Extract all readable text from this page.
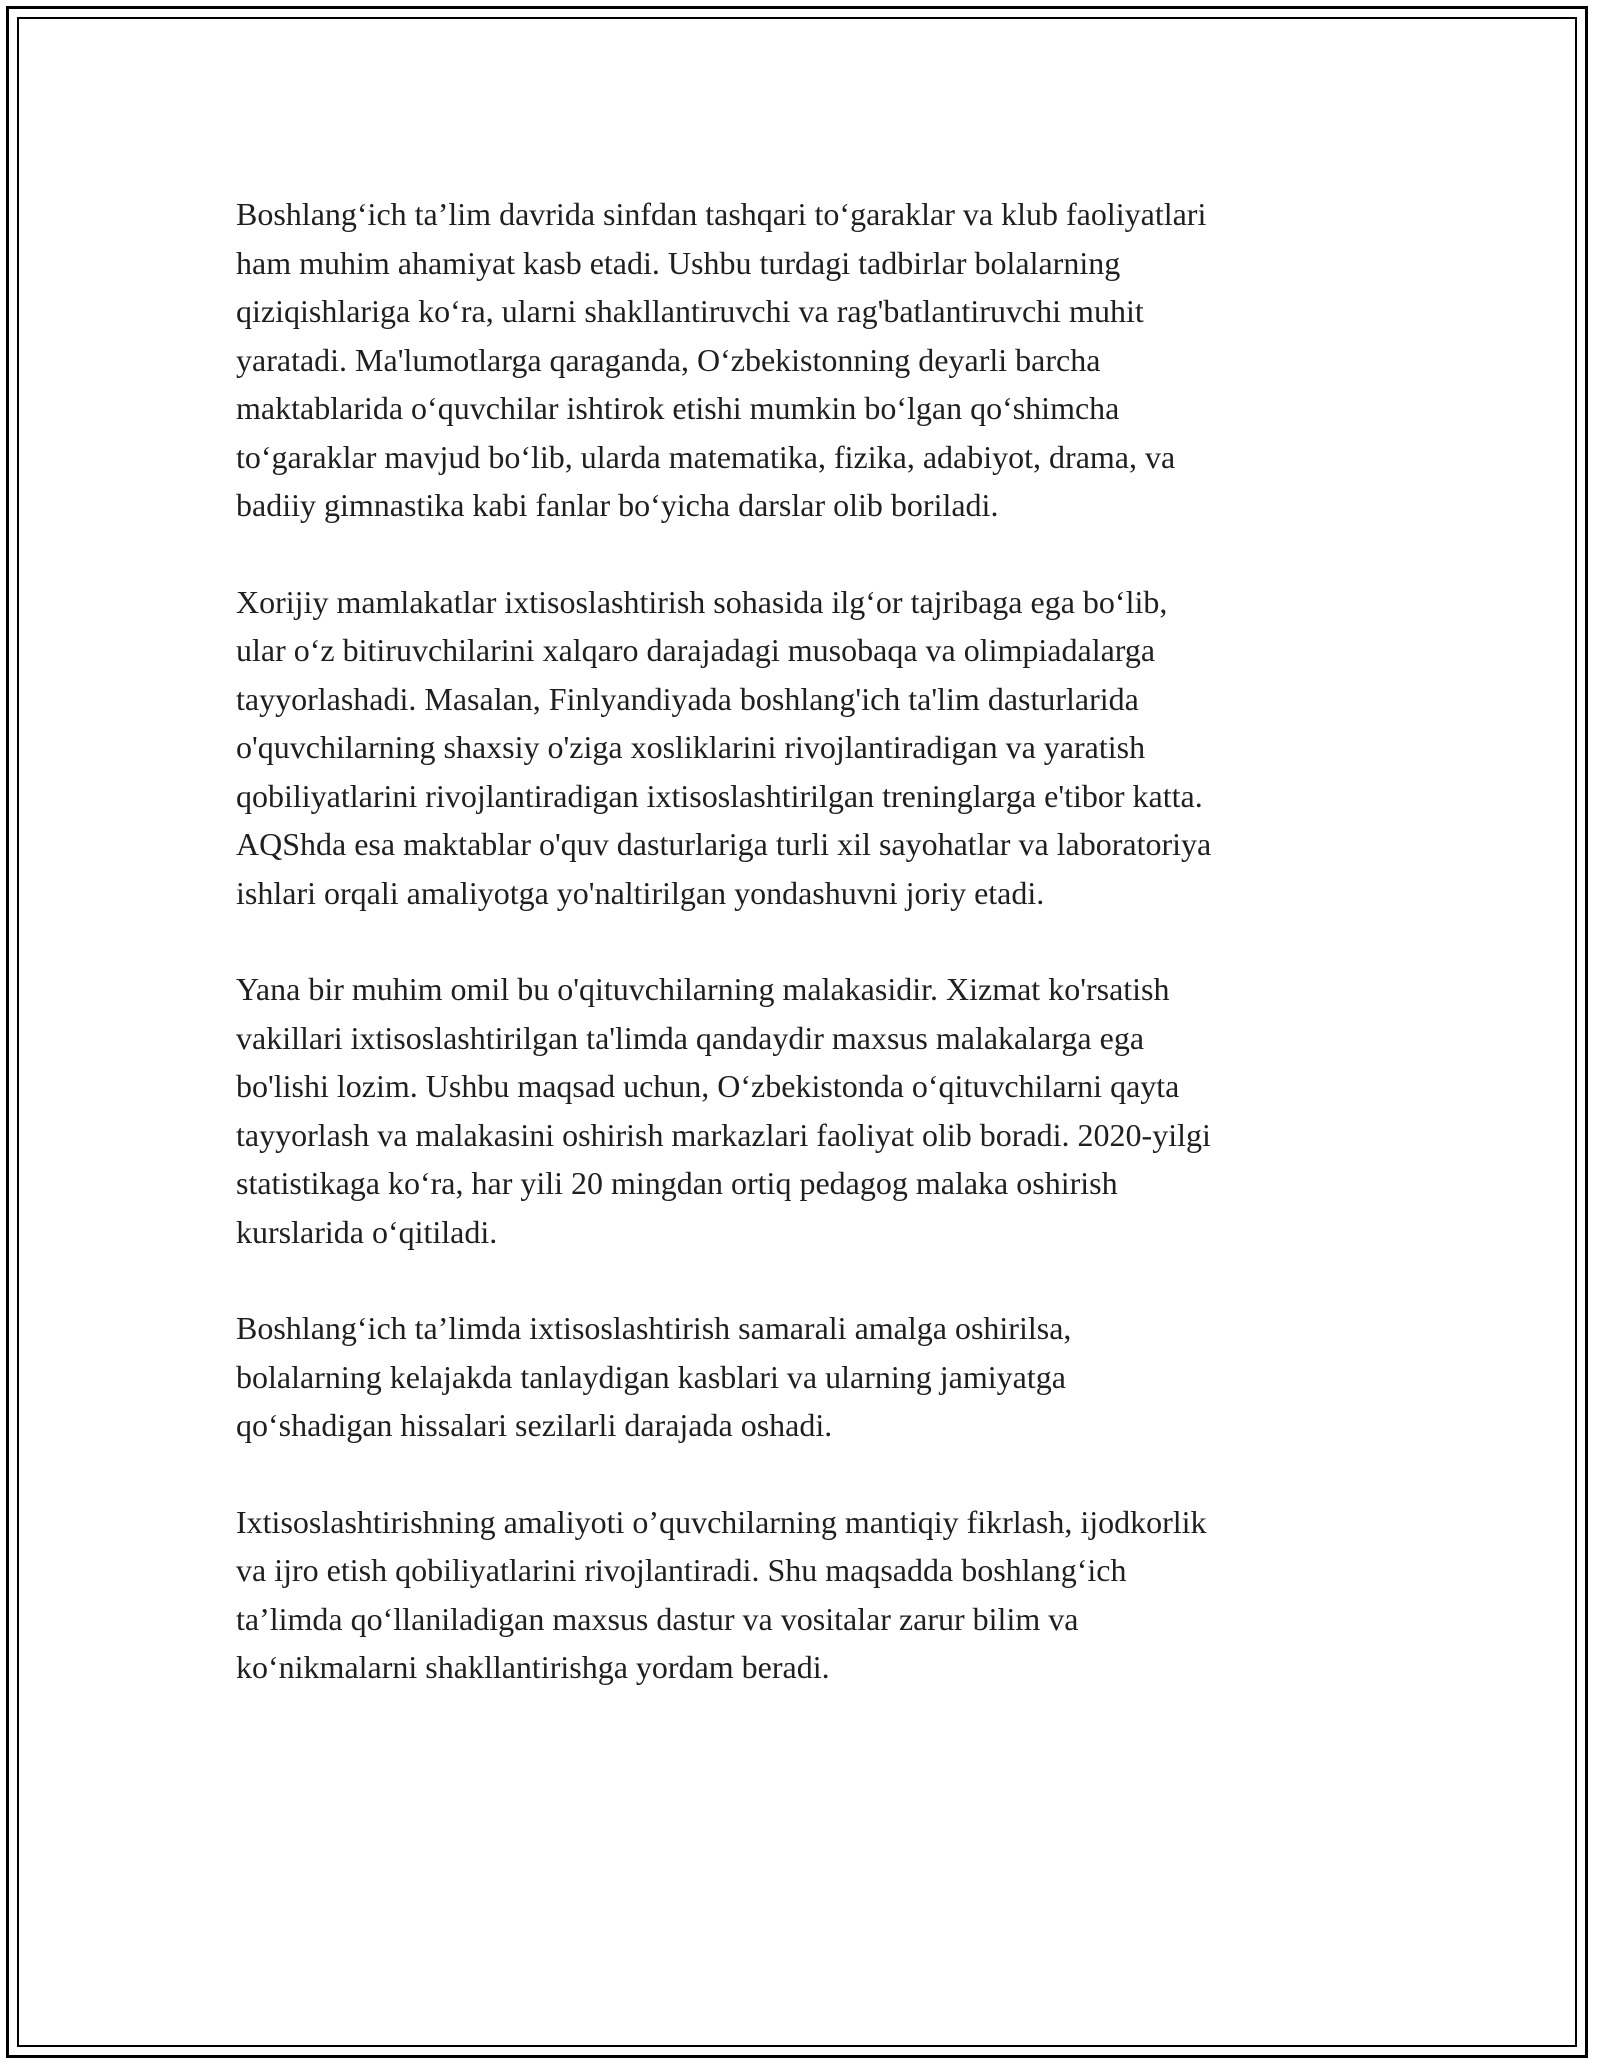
Boshlang‘ich ta’lim davrida sinfdan tashqari to‘garaklar va klub faoliyatlari
ham muhim ahamiyat kasb etadi. Ushbu turdagi tadbirlar bolalarning
qiziqishlariga ko‘ra, ularni shakllantiruvchi va rag'batlantiruvchi muhit
yaratadi. Ma'lumotlarga qaraganda, O‘zbekistonning deyarli barcha
maktablarida o‘quvchilar ishtirok etishi mumkin bo‘lgan qo‘shimcha
to‘garaklar mavjud bo‘lib, ularda matematika, fizika, adabiyot, drama, va
badiiy gimnastika kabi fanlar bo‘yicha darslar olib boriladi.

Xorijiy mamlakatlar ixtisoslashtirish sohasida ilg‘or tajribaga ega bo‘lib,
ular o‘z bitiruvchilarini xalqaro darajadagi musobaqa va olimpiadalarga
tayyorlashadi. Masalan, Finlyandiyada boshlang'ich ta'lim dasturlarida
o'quvchilarning shaxsiy o'ziga xosliklarini rivojlantiradigan va yaratish
qobiliyatlarini rivojlantiradigan ixtisoslashtirilgan treninglarga e'tibor katta.
AQShda esa maktablar o'quv dasturlariga turli xil sayohatlar va laboratoriya
ishlari orqali amaliyotga yo'naltirilgan yondashuvni joriy etadi.

Yana bir muhim omil bu o'qituvchilarning malakasidir. Xizmat ko'rsatish
vakillari ixtisoslashtirilgan ta'limda qandaydir maxsus malakalarga ega
bo'lishi lozim. Ushbu maqsad uchun, O‘zbekistonda o‘qituvchilarni qayta
tayyorlash va malakasini oshirish markazlari faoliyat olib boradi. 2020-yilgi
statistikaga ko‘ra, har yili 20 mingdan ortiq pedagog malaka oshirish
kurslarida o‘qitiladi.

Boshlang‘ich ta’limda ixtisoslashtirish samarali amalga oshirilsa,
bolalarning kelajakda tanlaydigan kasblari va ularning jamiyatga
qo‘shadigan hissalari sezilarli darajada oshadi.

Ixtisoslashtirishning amaliyoti o’quvchilarning mantiqiy fikrlash, ijodkorlik
va ijro etish qobiliyatlarini rivojlantiradi. Shu maqsadda boshlang‘ich
ta’limda qo‘llaniladigan maxsus dastur va vositalar zarur bilim va
ko‘nikmalarni shakllantirishga yordam beradi.
